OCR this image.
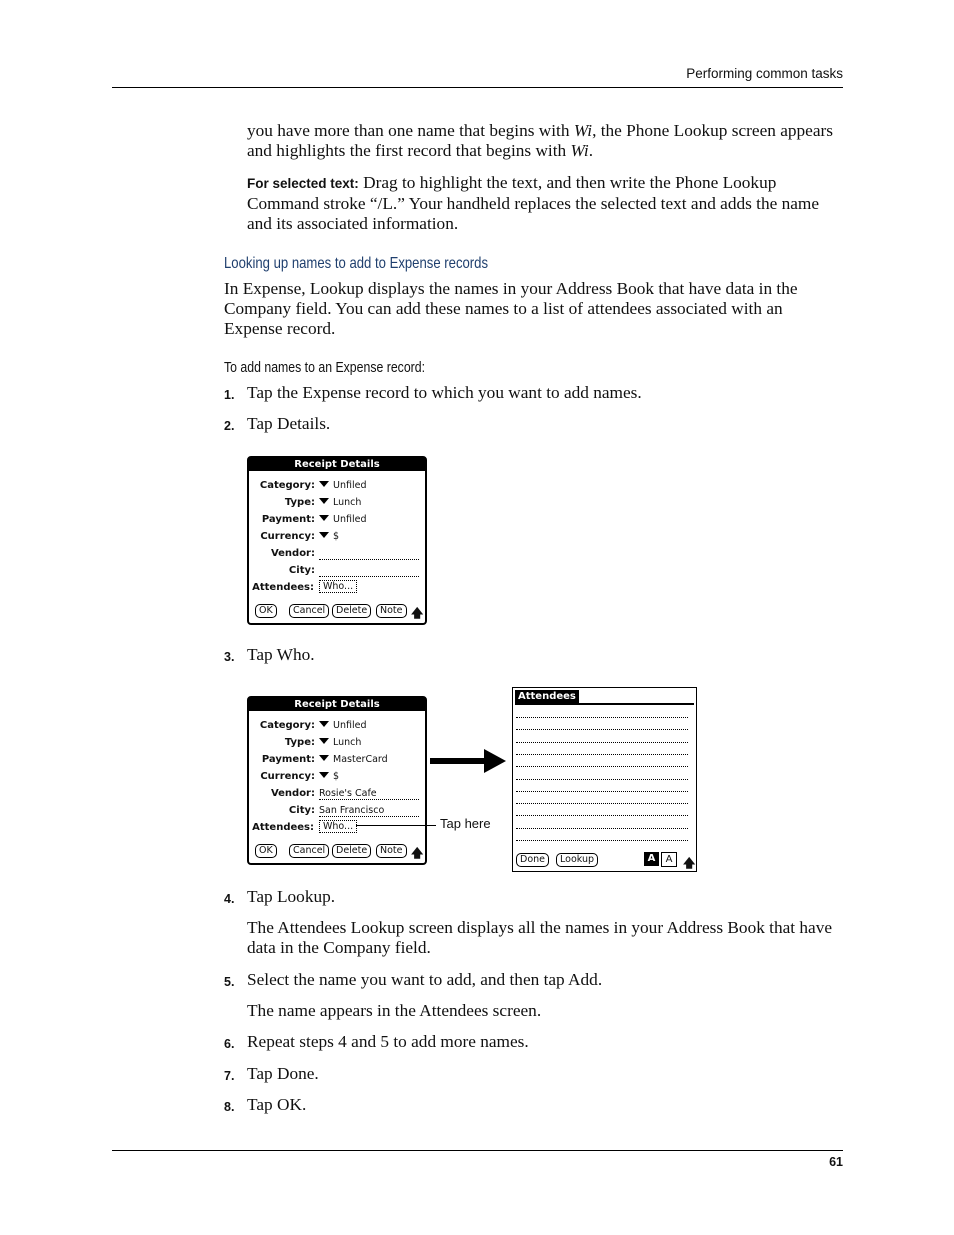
Performing common tasks

you have more than one name that begins with Wi, the Phone Lookup screen appears and highlights the first record that begins with Wi.

For selected text: Drag to highlight the text, and then write the Phone Lookup Command stroke “/L.” Your handheld replaces the selected text and adds the name and its associated information.

Looking up names to add to Expense records

In Expense, Lookup displays the names in your Address Book that have data in the Company field. You can add these names to a list of attendees associated with an Expense record.

To add names to an Expense record:
1. Tap the Expense record to which you want to add names.
2. Tap Details.
Receipt Details
Category:	Unfiled
Type:	Lunch
Payment:	Unfiled
Currency:	$
Vendor:
City:
Attendees: Who...
OK	Cancel	Delete	Note 🡅
3. Tap Who.
Receipt Details
Category:	Unfiled
Type:	Lunch
Payment:	MasterCard
Currency:	$
Vendor: Rosie's Cafe
City: San Francisco
Attendees: Who...
OK	Cancel	Delete	Note 🡅
Tap here
Attendees
Done	Lookup	A	A 🡅
4. Tap Lookup.

The Attendees Lookup screen displays all the names in your Address Book that have data in the Company field.

5. Select the name you want to add, and then tap Add.

The name appears in the Attendees screen.

6. Repeat steps 4 and 5 to add more names.
7. Tap Done.
8. Tap OK.
61
